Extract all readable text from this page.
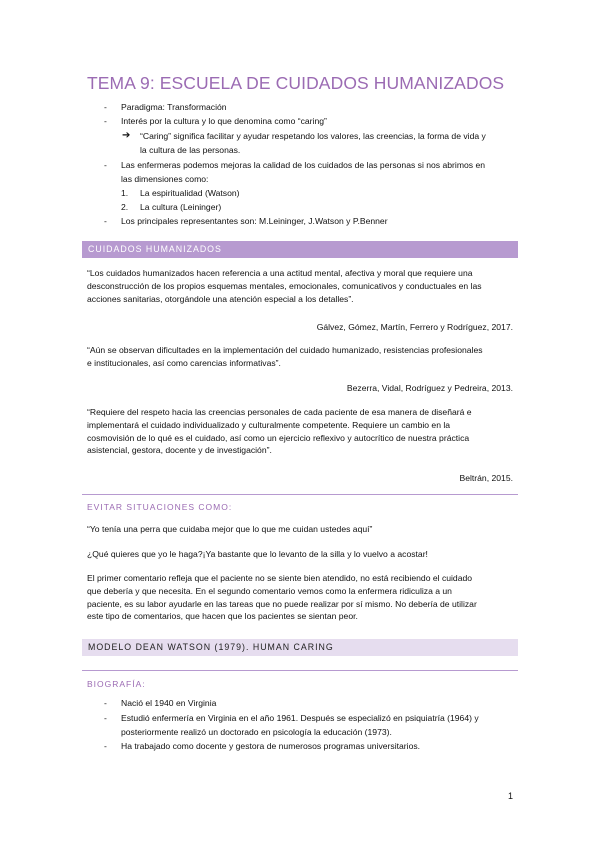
TEMA 9: ESCUELA DE CUIDADOS HUMANIZADOS
- Paradigma: Transformación
- Interés por la cultura y lo que denomina como “caring”
➔ “Caring” significa facilitar y ayudar respetando los valores, las creencias, la forma de vida y
la cultura de las personas.
- Las enfermeras podemos mejoras la calidad de los cuidados de las personas si nos abrimos en
las dimensiones como:
1. La espiritualidad (Watson)
2. La cultura (Leininger)
- Los principales representantes son: M.Leininger, J.Watson y P.Benner
CUIDADOS HUMANIZADOS
“Los cuidados humanizados hacen referencia a una actitud mental, afectiva y moral que requiere una
desconstrucción de los propios esquemas mentales, emocionales, comunicativos y conductuales en las
acciones sanitarias, otorgándole una atención especial a los detalles”.
Gálvez, Gómez, Martín, Ferrero y Rodríguez, 2017.
“Aún se observan dificultades en la implementación del cuidado humanizado, resistencias profesionales
e institucionales, así como carencias informativas”.
Bezerra, Vidal, Rodríguez y Pedreira, 2013.
“Requiere del respeto hacia las creencias personales de cada paciente de esa manera de diseñará e
implementará el cuidado individualizado y culturalmente competente. Requiere un cambio en la
cosmovisión de lo qué es el cuidado, así como un ejercicio reflexivo y autocrítico de nuestra práctica
asistencial, gestora, docente y de investigación”.
Beltrán, 2015.
EVITAR SITUACIONES COMO:
“Yo tenía una perra que cuidaba mejor que lo que me cuidan ustedes aquí”
¿Qué quieres que yo le haga?¡Ya bastante que lo levanto de la silla y lo vuelvo a acostar!
El primer comentario refleja que el paciente no se siente bien atendido, no está recibiendo el cuidado
que debería y que necesita. En el segundo comentario vemos como la enfermera ridiculiza a un
paciente, es su labor ayudarle en las tareas que no puede realizar por sí mismo. No debería de utilizar
este tipo de comentarios, que hacen que los pacientes se sientan peor.
MODELO DEAN WATSON (1979). HUMAN CARING
BIOGRAFÍA:
- Nació el 1940 en Virginia
- Estudió enfermería en Virginia en el año 1961. Después se especializó en psiquiatría (1964) y
posteriormente realizó un doctorado en psicología la educación (1973).
- Ha trabajado como docente y gestora de numerosos programas universitarios.
1
